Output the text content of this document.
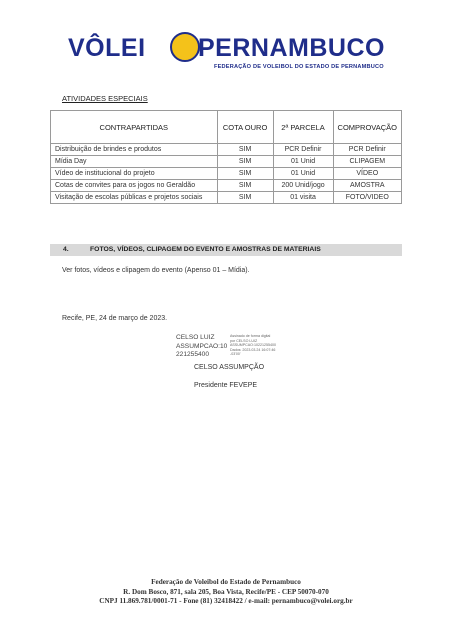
VÔLEI PERNAMBUCO
FEDERAÇÃO DE VOLEIBOL DO ESTADO DE PERNAMBUCO
ATIVIDADES ESPECIAIS
CONTRAPARTIDAS	COTA OURO	2ª PARCELA	COMPROVAÇÃO
Distribuição de brindes e produtos	SIM	PCR Definir	PCR Definir
Mídia Day	SIM	01 Unid	CLIPAGEM
Vídeo de institucional do projeto	SIM	01 Unid	VÍDEO
Cotas de convites para os jogos no Geraldão	SIM	200 Unid/jogo	AMOSTRA
Visitação de escolas públicas e projetos sociais	SIM	01 visita	FOTO/VIDEO
4.	FOTOS, VÍDEOS, CLIPAGEM DO EVENTO E AMOSTRAS DE MATERIAIS
Ver fotos, vídeos e clipagem do evento (Apenso 01 – Mídia).
Recife, PE, 24 de março de 2023.
CELSO LUIZ
ASSUMPCAO:10
221255400
Assinado de forma digital
por CELSO LUIZ
ASSUMPCAO:10221255400
Dados: 2023.03.24 16:07:46
-03'00'
CELSO ASSUMPÇÃO
Presidente FEVEPE
Federação de Voleibol do Estado de Pernambuco
R. Dom Bosco, 871, sala 205, Boa Vista, Recife/PE - CEP 50070-070
CNPJ 11.869.781/0001-71 - Fone (81) 32418422 / e-mail: pernambuco@volei.org.br
